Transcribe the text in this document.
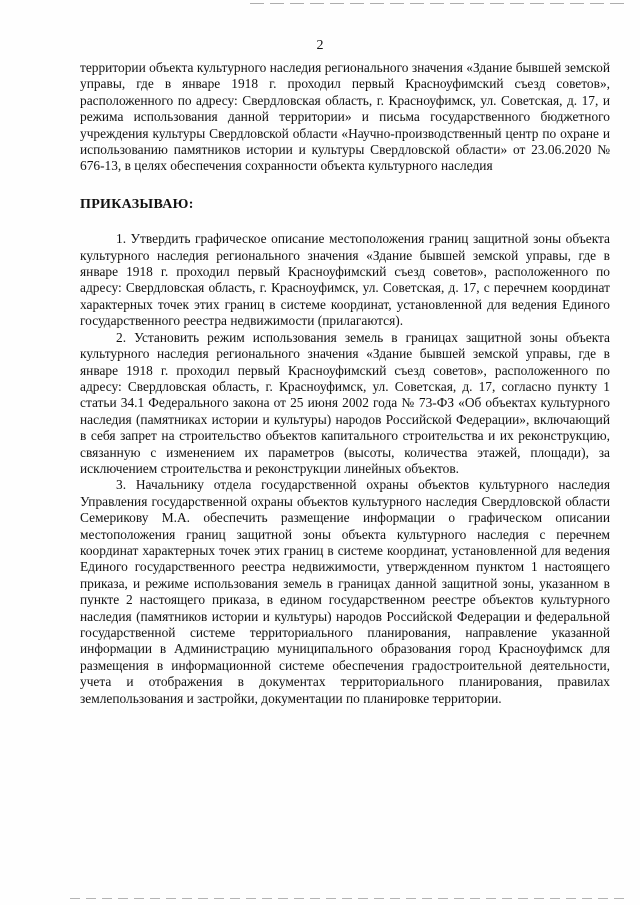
2

территории объекта культурного наследия регионального значения «Здание бывшей земской управы, где в январе 1918 г. проходил первый Красноуфимский съезд советов», расположенного по адресу: Свердловская область, г. Красноуфимск, ул. Советская, д. 17, и режима использования данной территории» и письма государственного бюджетного учреждения культуры Свердловской области «Научно-производственный центр по охране и использованию памятников истории и культуры Свердловской области» от 23.06.2020 № 676-13, в целях обеспечения сохранности объекта культурного наследия

ПРИКАЗЫВАЮ:

1. Утвердить графическое описание местоположения границ защитной зоны объекта культурного наследия регионального значения «Здание бывшей земской управы, где в январе 1918 г. проходил первый Красноуфимский съезд советов», расположенного по адресу: Свердловская область, г. Красноуфимск, ул. Советская, д. 17, с перечнем координат характерных точек этих границ в системе координат, установленной для ведения Единого государственного реестра недвижимости (прилагаются).

2. Установить режим использования земель в границах защитной зоны объекта культурного наследия регионального значения «Здание бывшей земской управы, где в январе 1918 г. проходил первый Красноуфимский съезд советов», расположенного по адресу: Свердловская область, г. Красноуфимск, ул. Советская, д. 17, согласно пункту 1 статьи 34.1 Федерального закона от 25 июня 2002 года № 73-ФЗ «Об объектах культурного наследия (памятниках истории и культуры) народов Российской Федерации», включающий в себя запрет на строительство объектов капитального строительства и их реконструкцию, связанную с изменением их параметров (высоты, количества этажей, площади), за исключением строительства и реконструкции линейных объектов.

3. Начальнику отдела государственной охраны объектов культурного наследия Управления государственной охраны объектов культурного наследия Свердловской области Семерикову М.А. обеспечить размещение информации о графическом описании местоположения границ защитной зоны объекта культурного наследия с перечнем координат характерных точек этих границ в системе координат, установленной для ведения Единого государственного реестра недвижимости, утвержденном пунктом 1 настоящего приказа, и режиме использования земель в границах данной защитной зоны, указанном в пункте 2 настоящего приказа, в едином государственном реестре объектов культурного наследия (памятников истории и культуры) народов Российской Федерации и федеральной государственной системе территориального планирования, направление указанной информации в Администрацию муниципального образования город Красноуфимск для размещения в информационной системе обеспечения градостроительной деятельности, учета и отображения в документах территориального планирования, правилах землепользования и застройки, документации по планировке территории.
